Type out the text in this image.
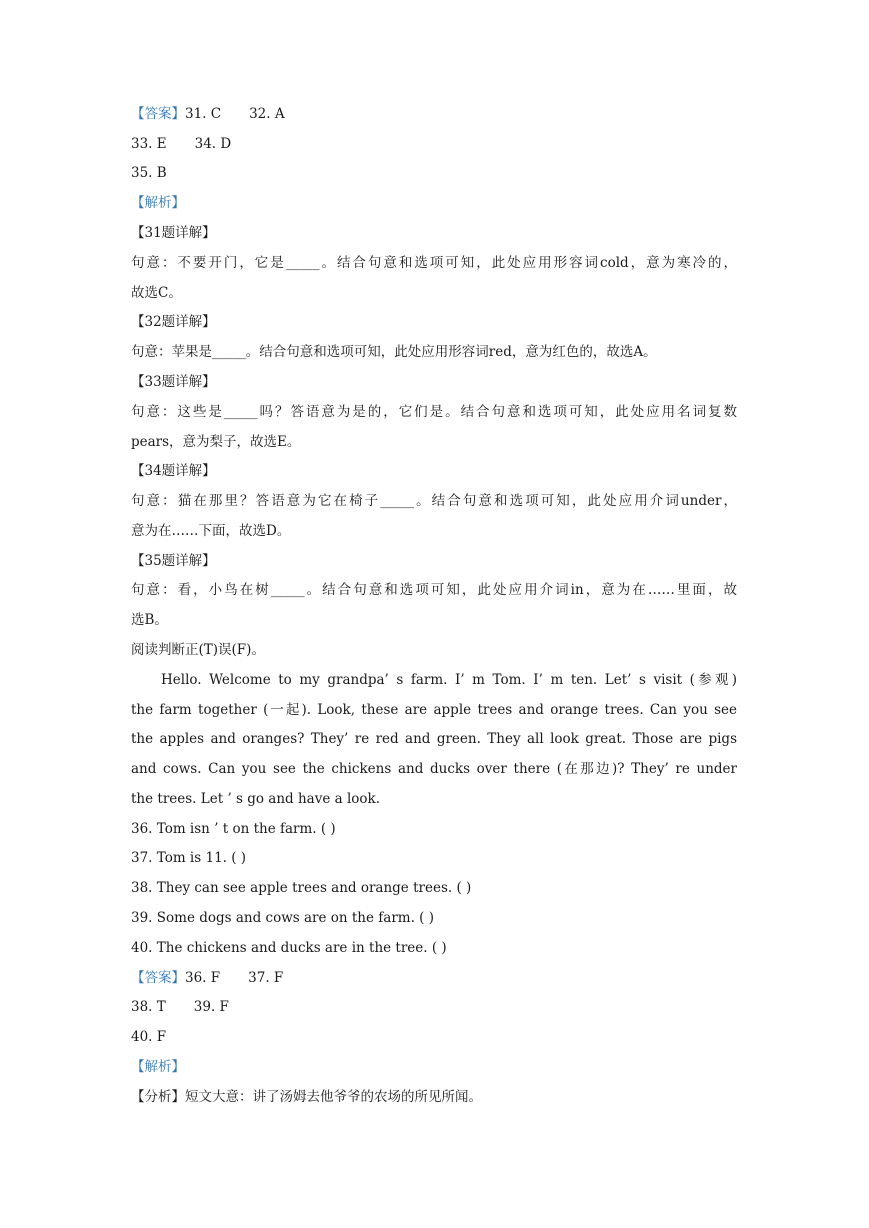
【答案】31. C 32. A
33. E 34. D
35. B
【解析】
【31题详解】
句意：不要开门，它是_____。结合句意和选项可知，此处应用形容词cold，意为寒冷的，
故选C。
【32题详解】
句意：苹果是_____。结合句意和选项可知，此处应用形容词red，意为红色的，故选A。
【33题详解】
句意：这些是_____吗？答语意为是的，它们是。结合句意和选项可知，此处应用名词复数
pears，意为梨子，故选E。
【34题详解】
句意：猫在那里？答语意为它在椅子_____。结合句意和选项可知，此处应用介词under，
意为在……下面，故选D。
【35题详解】
句意：看，小鸟在树_____。结合句意和选项可知，此处应用介词in，意为在……里面，故
选B。
阅读判断正(T)误(F)。
Hello. Welcome to my grandpa’ s farm. I’ m Tom. I’ m ten. Let’ s visit (参观)
the farm together (一起). Look, these are apple trees and orange trees. Can you see
the apples and oranges? They’ re red and green. They all look great. Those are pigs
and cows. Can you see the chickens and ducks over there (在那边)? They’ re under
the trees. Let ’ s go and have a look.
36. Tom isn ’ t on the farm. ( )
37. Tom is 11. ( )
38. They can see apple trees and orange trees. ( )
39. Some dogs and cows are on the farm. ( )
40. The chickens and ducks are in the tree. ( )
【答案】36. F 37. F
38. T 39. F
40. F
【解析】
【分析】短文大意：讲了汤姆去他爷爷的农场的所见所闻。
